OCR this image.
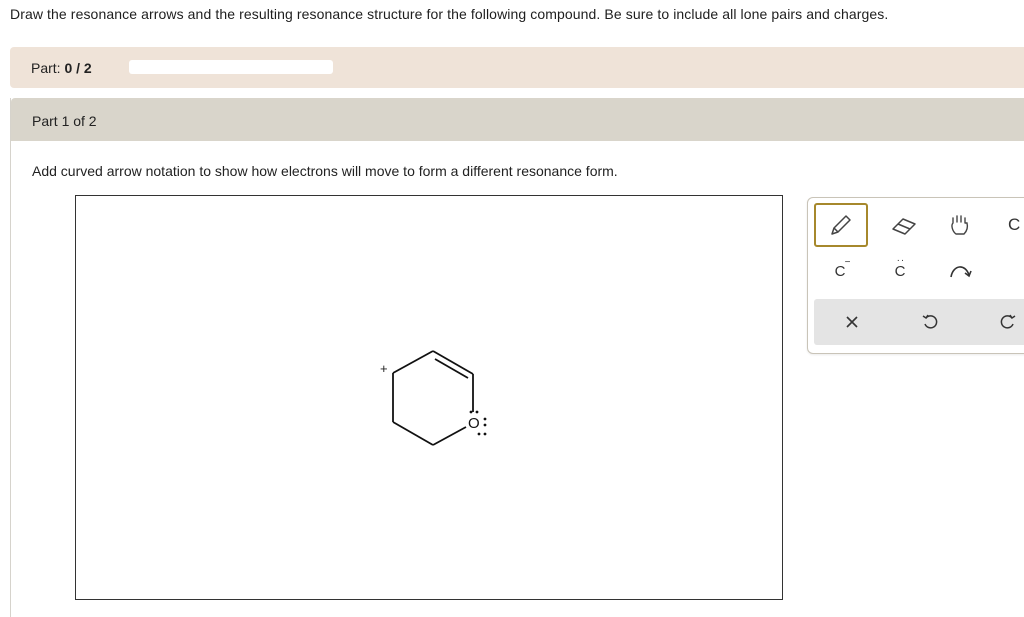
Draw the resonance arrows and the resulting resonance structure for the following compound. Be sure to include all lone pairs and charges.
Part: 0 / 2
Part 1 of 2
Add curved arrow notation to show how electrons will move to form a different resonance form.
+
O
C
C
−	··
C
